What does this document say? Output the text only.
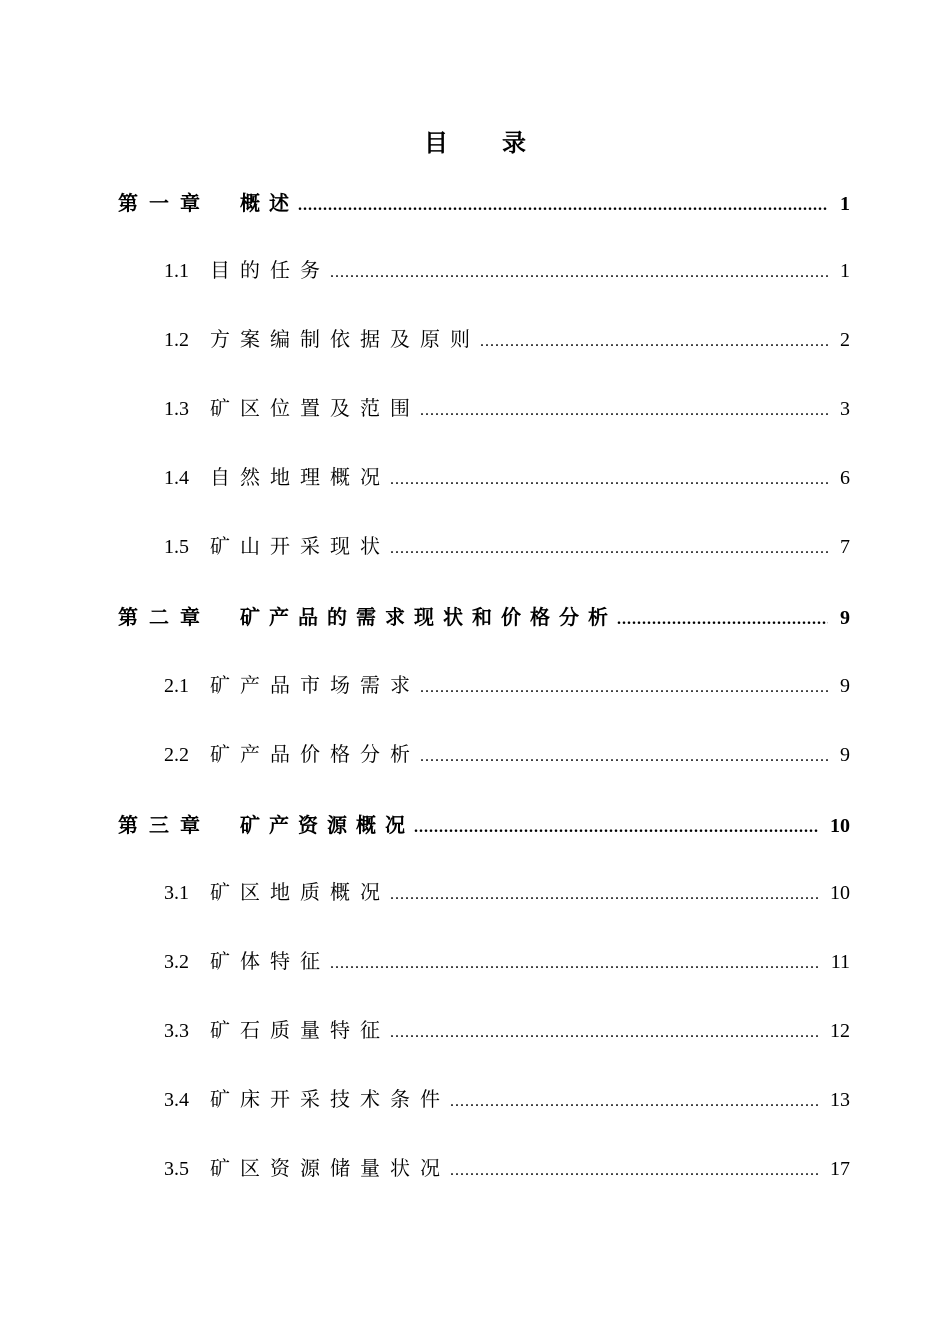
目 录
第一章	概述 .....	1
1.1	目的任务 .....	1
1.2	方案编制依据及原则 .....	2
1.3	矿区位置及范围 .....	3
1.4	自然地理概况 .....	6
1.5	矿山开采现状 .....	7
第二章	矿产品的需求现状和价格分析 .....	9
2.1	矿产品市场需求 .....	9
2.2	矿产品价格分析 .....	9
第三章	矿产资源概况 .....	10
3.1	矿区地质概况 .....	10
3.2	矿体特征 .....	11
3.3	矿石质量特征 .....	12
3.4	矿床开采技术条件 .....	13
3.5	矿区资源储量状况 .....	17
